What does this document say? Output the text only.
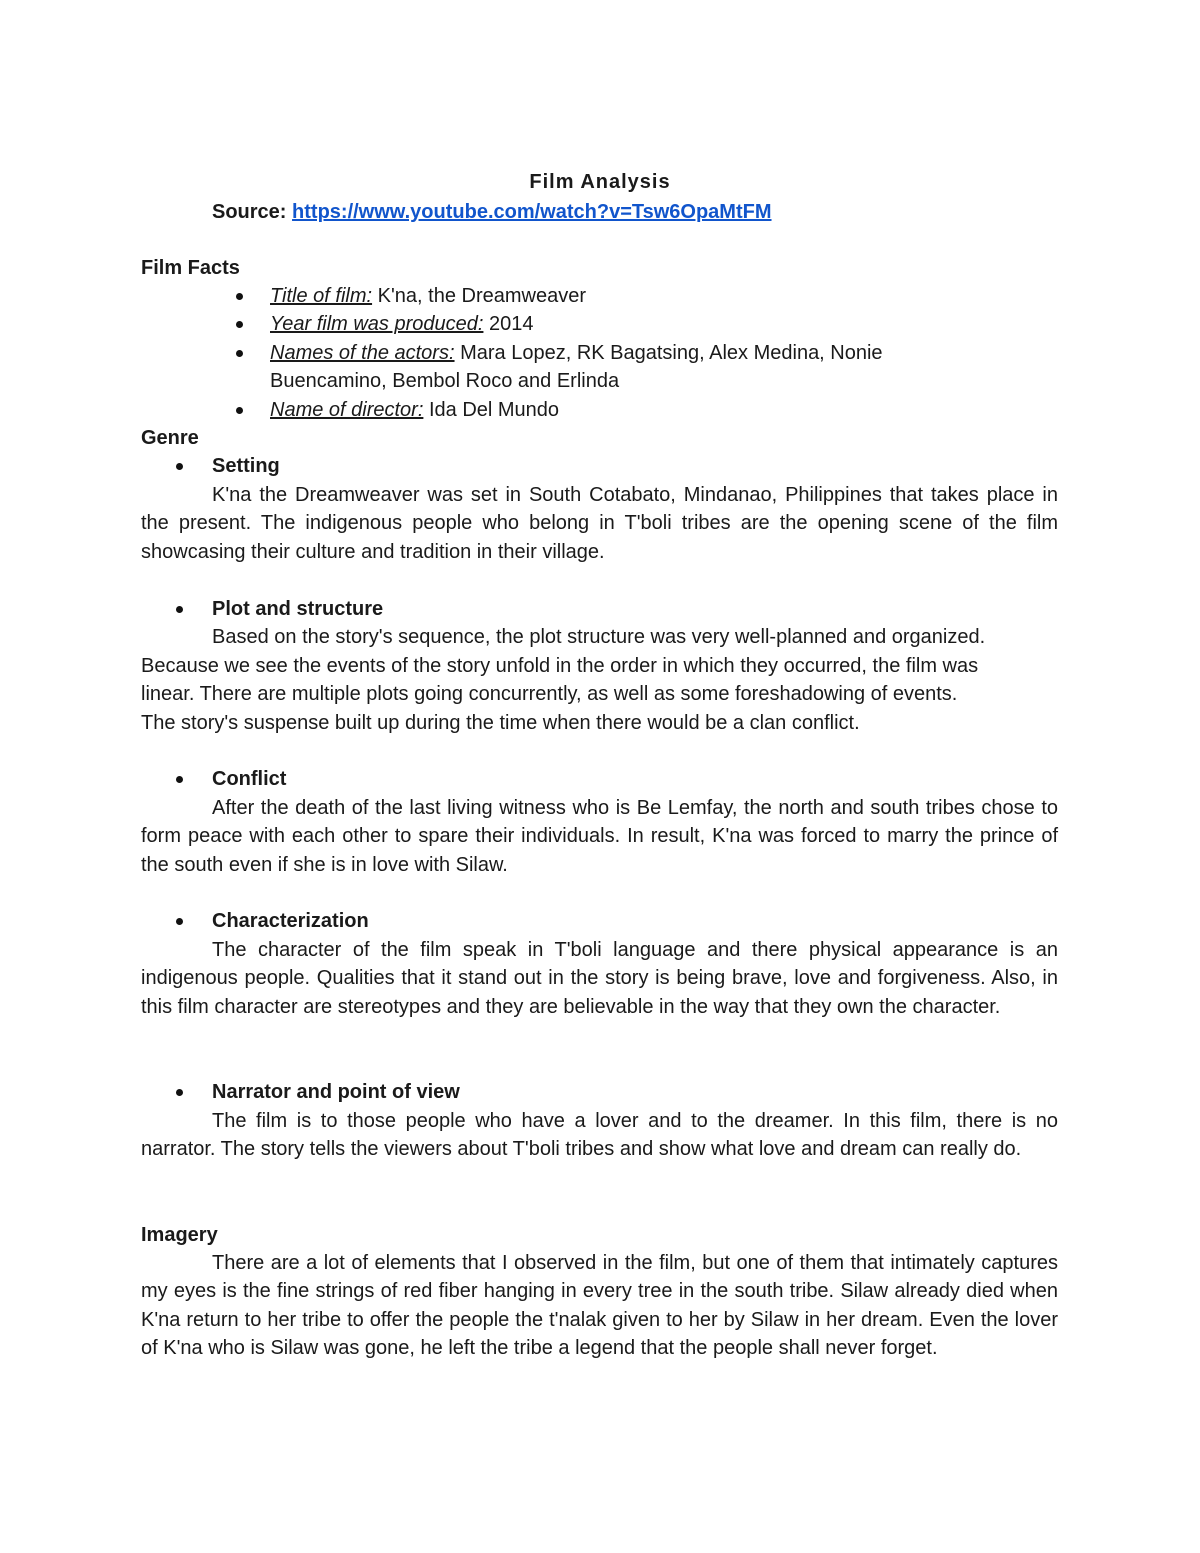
Film Analysis
Source: https://www.youtube.com/watch?v=Tsw6OpaMtFM
Film Facts
Title of film: K'na, the Dreamweaver
Year film was produced: 2014
Names of the actors: Mara Lopez, RK Bagatsing, Alex Medina, Nonie
Buencamino, Bembol Roco and Erlinda
Name of director: Ida Del Mundo
Genre
Setting
K'na the Dreamweaver was set in South Cotabato, Mindanao, Philippines that takes place in the present. The indigenous people who belong in T'boli tribes are the opening scene of the film showcasing their culture and tradition in their village.
Plot and structure
Based on the story's sequence, the plot structure was very well-planned and organized.
Because we see the events of the story unfold in the order in which they occurred, the film was
linear. There are multiple plots going concurrently, as well as some foreshadowing of events.
The story's suspense built up during the time when there would be a clan conflict.
Conflict
After the death of the last living witness who is Be Lemfay, the north and south tribes chose to form peace with each other to spare their individuals. In result, K'na was forced to marry the prince of the south even if she is in love with Silaw.
Characterization
The character of the film speak in T'boli language and there physical appearance is an indigenous people. Qualities that it stand out in the story is being brave, love and forgiveness. Also, in this film character are stereotypes and they are believable in the way that they own the character.
Narrator and point of view
The film is to those people who have a lover and to the dreamer. In this film, there is no narrator. The story tells the viewers about T'boli tribes and show what love and dream can really do.
Imagery
There are a lot of elements that I observed in the film, but one of them that intimately captures my eyes is the fine strings of red fiber hanging in every tree in the south tribe. Silaw already died when K'na return to her tribe to offer the people the t'nalak given to her by Silaw in her dream. Even the lover of K'na who is Silaw was gone, he left the tribe a legend that the people shall never forget.
